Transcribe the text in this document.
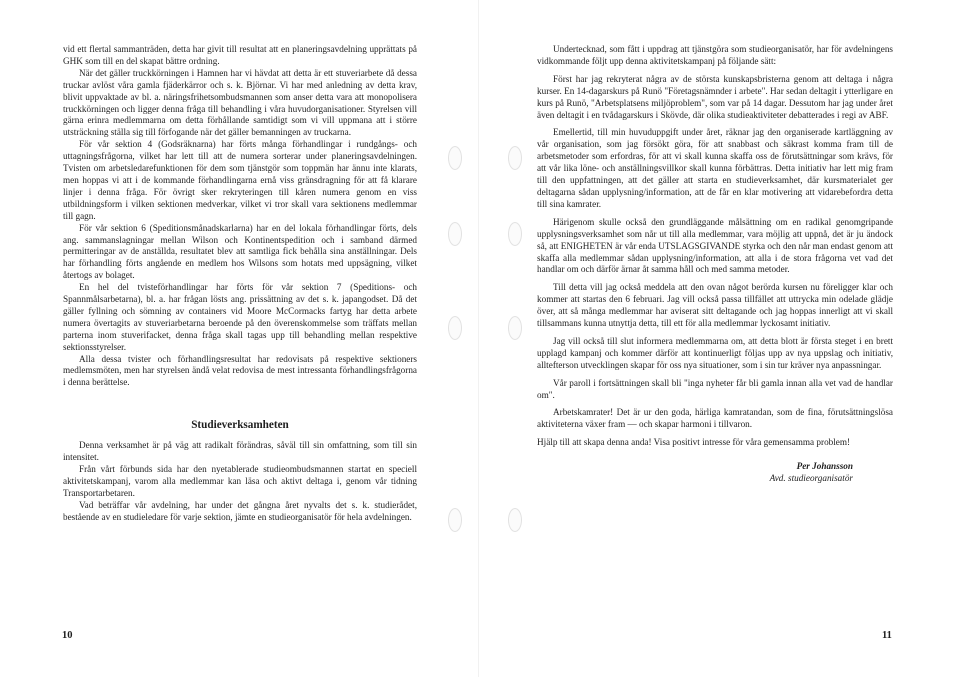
vid ett flertal sammanträden, detta har givit till resultat att en planeringsavdelning upprättats på GHK som till en del skapat bättre ordning.

När det gäller truckkörningen i Hamnen har vi hävdat att detta är ett stuveriarbete då dessa truckar avlöst våra gamla fjäderkärror och s. k. Björnar. Vi har med anledning av detta krav, blivit uppvaktade av bl. a. näringsfrihetsombudsmannen som anser detta vara att monopolisera truckkörningen och ligger denna fråga till behandling i våra huvudorganisationer. Styrelsen vill gärna erinra medlemmarna om detta förhållande samtidigt som vi vill uppmana att i större utsträckning ställa sig till förfogande när det gäller bemanningen av truckarna.

För vår sektion 4 (Godsräknarna) har förts många förhandlingar i rundgångs- och uttagningsfrågorna, vilket har lett till att de numera sorterar under planeringsavdelningen. Tvisten om arbetsledarefunktionen för dem som tjänstgör som toppmän har ännu inte klarats, men hoppas vi att i de kommande förhandlingarna ernå viss gränsdragning för att få klarare linjer i denna fråga. För övrigt sker rekryteringen till kåren numera genom en viss utbildningsform i vilken sektionen medverkar, vilket vi tror skall vara sektionens medlemmar till gagn.

För vår sektion 6 (Speditionsmånadskarlarna) har en del lokala förhandlingar förts, dels ang. sammanslagningar mellan Wilson och Kontinentspedition och i samband därmed permitteringar av de anställda, resultatet blev att samtliga fick behålla sina anställningar. Dels har förhandling förts angående en medlem hos Wilsons som hotats med uppsägning, vilket återtogs av bolaget.

En hel del tvisteförhandlingar har förts för vår sektion 7 (Speditions- och Spannmålsarbetarna), bl. a. har frågan lösts ang. prissättning av det s. k. japangodset. Då det gäller fyllning och sömning av containers vid Moore McCormacks fartyg har detta arbete numera övertagits av stuveriarbetarna beroende på den överenskommelse som träffats mellan parterna inom stuverifacket, denna fråga skall tagas upp till behandling mellan respektive sektionsstyrelser.

Alla dessa tvister och förhandlingsresultat har redovisats på respektive sektioners medlemsmöten, men har styrelsen ändå velat redovisa de mest intressanta förhandlingsfrågorna i denna berättelse.

Studieverksamheten

Denna verksamhet är på väg att radikalt förändras, såväl till sin omfattning, som till sin intensitet.

Från vårt förbunds sida har den nyetablerade studieombudsmannen startat en speciell aktivitetskampanj, varom alla medlemmar kan läsa och aktivt deltaga i, genom vår tidning Transportarbetaren.

Vad beträffar vår avdelning, har under det gångna året nyvalts det s. k. studierådet, bestående av en studieledare för varje sektion, jämte en studieorganisatör för hela avdelningen.

10

Undertecknad, som fått i uppdrag att tjänstgöra som studieorganisatör, har för avdelningens vidkommande följt upp denna aktivitetskampanj på följande sätt:

Först har jag rekryterat några av de största kunskapsbristerna genom att deltaga i några kurser. En 14-dagarskurs på Runö "Företagsnämnder i arbete". Har sedan deltagit i ytterligare en kurs på Runö, "Arbetsplatsens miljöproblem", som var på 14 dagar. Dessutom har jag under året även deltagit i en tvådagarskurs i Skövde, där olika studieaktiviteter debatterades i regi av ABF.

Emellertid, till min huvuduppgift under året, räknar jag den organiserade kartläggning av vår organisation, som jag försökt göra, för att snabbast och säkrast komma fram till de arbetsmetoder som erfordras, för att vi skall kunna skaffa oss de förutsättningar som krävs, för att vår lika löne- och anställningsvillkor skall kunna förbättras. Detta initiativ har lett mig fram till den uppfattningen, att det gäller att starta en studieverksamhet, där kursmaterialet ger deltagarna sådan upplysning/information, att de får en klar motivering att vidarebefordra detta till sina kamrater.

Härigenom skulle också den grundläggande målsättning om en radikal genomgripande upplysningsverksamhet som når ut till alla medlemmar, vara möjlig att uppnå, det är ju ändock så, att ENIGHETEN är vår enda UTSLAGSGIVANDE styrka och den når man endast genom att skaffa alla medlemmar sådan upplysning/information, att alla i de stora frågorna vet vad det handlar om och därför ärnar åt samma håll och med samma metoder.

Till detta vill jag också meddela att den ovan något berörda kursen nu föreligger klar och kommer att startas den 6 februari. Jag vill också passa tillfället att uttrycka min odelade glädje över, att så många medlemmar har aviserat sitt deltagande och jag hoppas innerligt att vi skall tillsammans kunna utnyttja detta, till ett för alla medlemmar lyckosamt initiativ.

Jag vill också till slut informera medlemmarna om, att detta blott är första steget i en brett upplagd kampanj och kommer därför att kontinuerligt följas upp av nya uppslag och initiativ, alltefterson utvecklingen skapar för oss nya situationer, som i sin tur kräver nya anpassningar.

Vår paroll i fortsättningen skall bli "inga nyheter får bli gamla innan alla vet vad de handlar om".

Arbetskamrater! Det är ur den goda, härliga kamratandan, som de fina, förutsättningslösa aktiviteterna växer fram — och skapar harmoni i tillvaron.

Hjälp till att skapa denna anda! Visa positivt intresse för våra gemensamma problem!

Per Johansson
Avd. studieorganisatör
11
